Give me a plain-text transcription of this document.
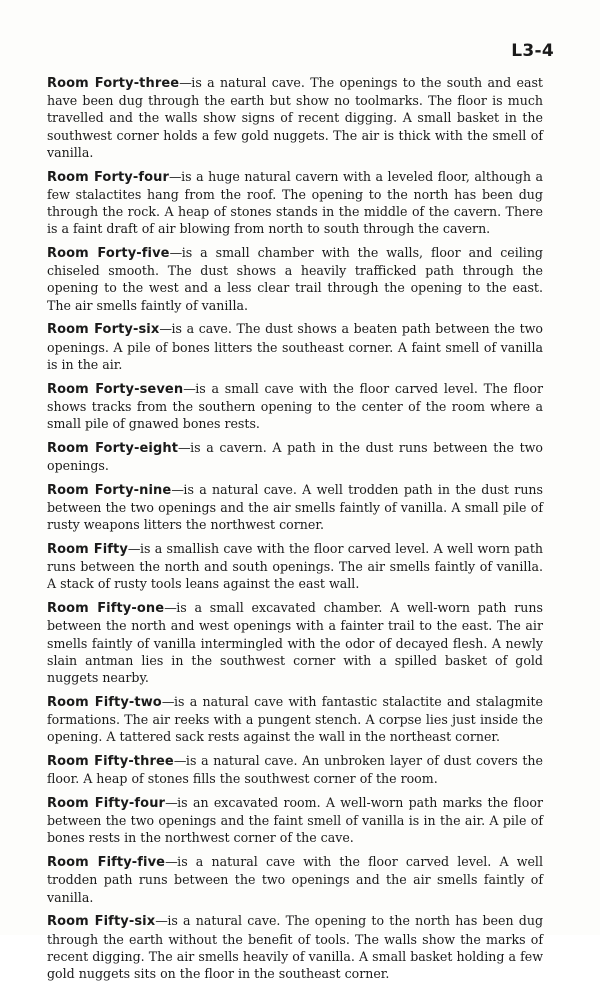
L3-4

Room Forty-three—is a natural cave. The openings to the south and east have been dug through the earth but show no toolmarks. The floor is much travelled and the walls show signs of recent digging. A small basket in the southwest corner holds a few gold nuggets. The air is thick with the smell of vanilla.

Room Forty-four—is a huge natural cavern with a leveled floor, although a few stalactites hang from the roof. The opening to the north has been dug through the rock. A heap of stones stands in the middle of the cavern. There is a faint draft of air blowing from north to south through the cavern.

Room Forty-five—is a small chamber with the walls, floor and ceiling chiseled smooth. The dust shows a heavily trafficked path through the opening to the west and a less clear trail through the opening to the east. The air smells faintly of vanilla.

Room Forty-six—is a cave. The dust shows a beaten path between the two openings. A pile of bones litters the southeast corner. A faint smell of vanilla is in the air.

Room Forty-seven—is a small cave with the floor carved level. The floor shows tracks from the southern opening to the center of the room where a small pile of gnawed bones rests.

Room Forty-eight—is a cavern. A path in the dust runs between the two openings.

Room Forty-nine—is a natural cave. A well trodden path in the dust runs between the two openings and the air smells faintly of vanilla. A small pile of rusty weapons litters the northwest corner.

Room Fifty—is a smallish cave with the floor carved level. A well worn path runs between the north and south openings. The air smells faintly of vanilla. A stack of rusty tools leans against the east wall.

Room Fifty-one—is a small excavated chamber. A well-worn path runs between the north and west openings with a fainter trail to the east. The air smells faintly of vanilla intermingled with the odor of decayed flesh. A newly slain antman lies in the southwest corner with a spilled basket of gold nuggets nearby.

Room Fifty-two—is a natural cave with fantastic stalactite and stalagmite formations. The air reeks with a pungent stench. A corpse lies just inside the opening. A tattered sack rests against the wall in the northeast corner.

Room Fifty-three—is a natural cave. An unbroken layer of dust covers the floor. A heap of stones fills the southwest corner of the room.

Room Fifty-four—is an excavated room. A well-worn path marks the floor between the two openings and the faint smell of vanilla is in the air. A pile of bones rests in the northwest corner of the cave.

Room Fifty-five—is a natural cave with the floor carved level. A well trodden path runs between the two openings and the air smells faintly of vanilla.

Room Fifty-six—is a natural cave. The opening to the north has been dug through the earth without the benefit of tools. The walls show the marks of recent digging. The air smells heavily of vanilla. A small basket holding a few gold nuggets sits on the floor in the southeast corner.
